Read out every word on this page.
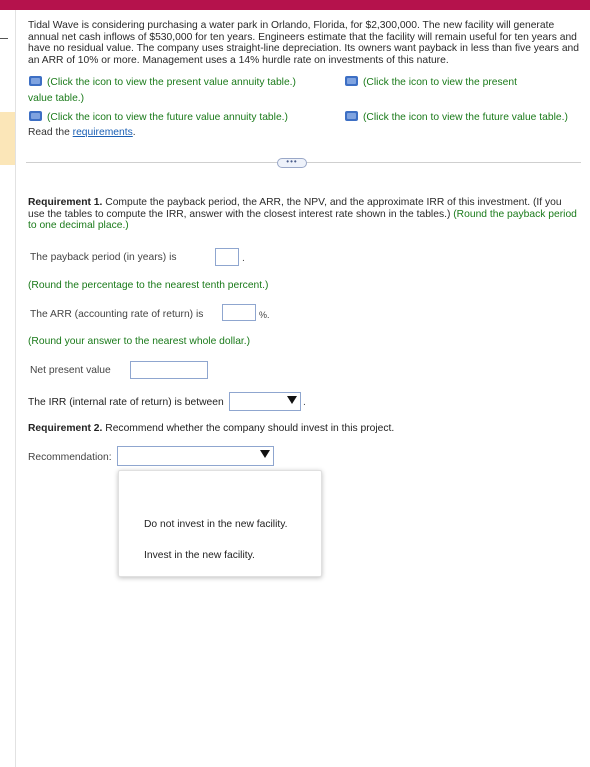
Tidal Wave is considering purchasing a water park in Orlando, Florida, for $2,300,000. The new facility will generate annual net cash inflows of $530,000 for ten years. Engineers estimate that the facility will remain useful for ten years and have no residual value. The company uses straight-line depreciation. Its owners want payback in less than five years and an ARR of 10% or more. Management uses a 14% hurdle rate on investments of this nature.
(Click the icon to view the present value annuity table.)	(Click the icon to view the present
value table.)
(Click the icon to view the future value annuity table.)	(Click the icon to view the future value table.)
Read the requirements.
•••
Requirement 1. Compute the payback period, the ARR, the NPV, and the approximate IRR of this investment. (If you use the tables to compute the IRR, answer with the closest interest rate shown in the tables.) (Round the payback period to one decimal place.)
The payback period (in years) is	.
(Round the percentage to the nearest tenth percent.)
The ARR (accounting rate of return) is	%.
(Round your answer to the nearest whole dollar.)
Net present value
The IRR (internal rate of return) is between	.
Requirement 2. Recommend whether the company should invest in this project.
Recommendation:
Do not invest in the new facility.
Invest in the new facility.
